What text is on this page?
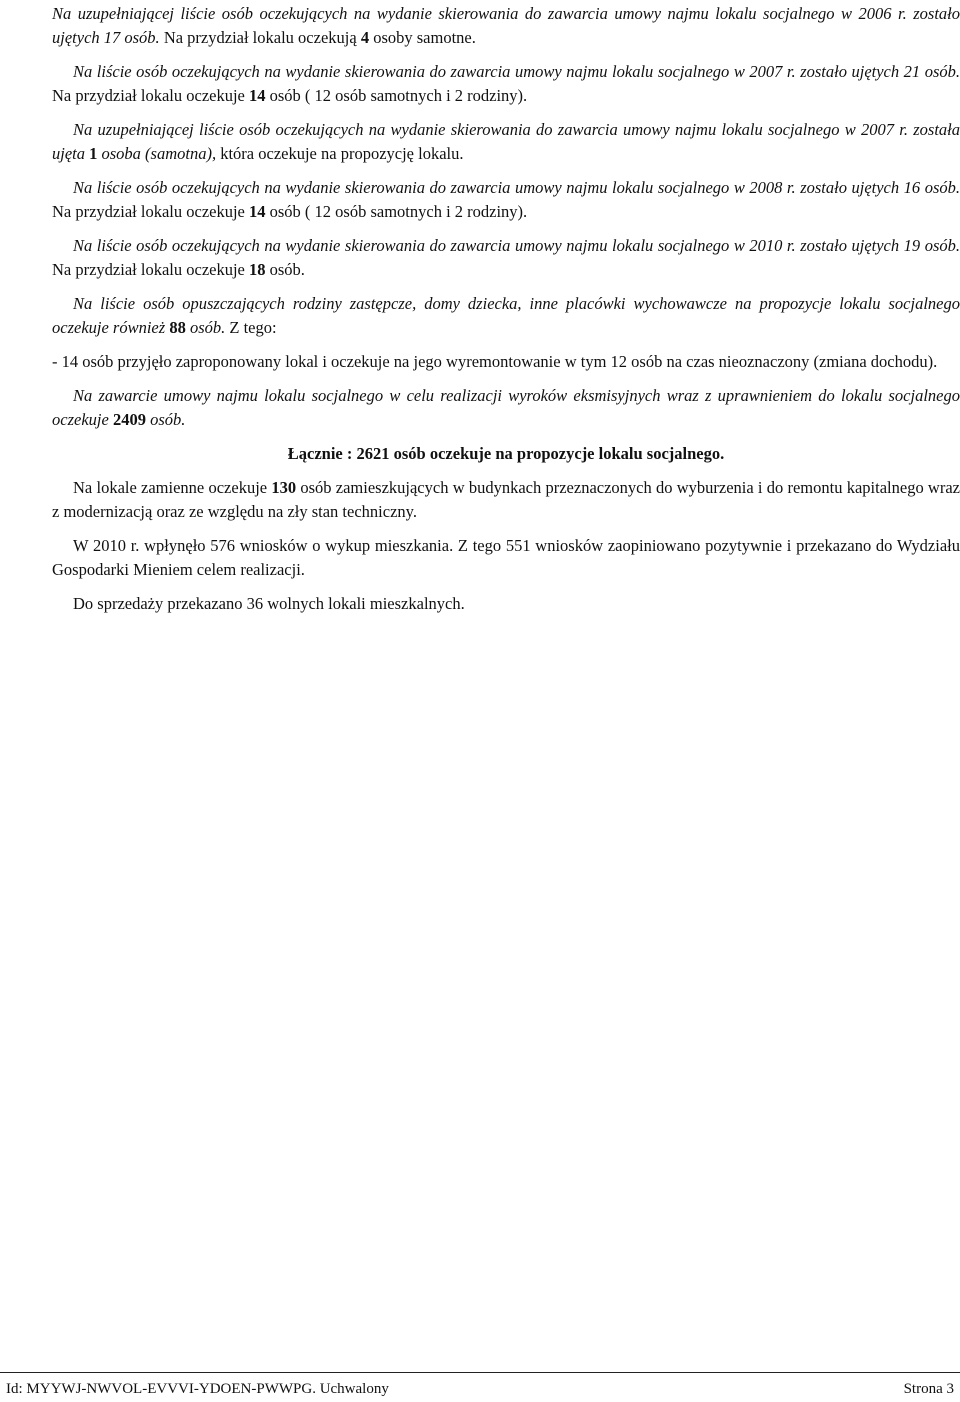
Na uzupełniającej liście osób oczekujących na wydanie skierowania do zawarcia umowy najmu lokalu socjalnego w 2006 r. zostało ujętych 17 osób. Na przydział lokalu oczekują 4 osoby samotne.

Na liście osób oczekujących na wydanie skierowania do zawarcia umowy najmu lokalu socjalnego w 2007 r. zostało ujętych 21 osób. Na przydział lokalu oczekuje 14 osób ( 12 osób samotnych i 2 rodziny).

Na uzupełniającej liście osób oczekujących na wydanie skierowania do zawarcia umowy najmu lokalu socjalnego w 2007 r. została ujęta 1 osoba (samotna), która oczekuje na propozycję lokalu.

Na liście osób oczekujących na wydanie skierowania do zawarcia umowy najmu lokalu socjalnego w 2008 r. zostało ujętych 16 osób. Na przydział lokalu oczekuje 14 osób ( 12 osób samotnych i 2 rodziny).

Na liście osób oczekujących na wydanie skierowania do zawarcia umowy najmu lokalu socjalnego w 2010 r. zostało ujętych 19 osób. Na przydział lokalu oczekuje 18 osób.

Na liście osób opuszczających rodziny zastępcze, domy dziecka, inne placówki wychowawcze na propozycje lokalu socjalnego oczekuje również 88 osób. Z tego:

- 14 osób przyjęło zaproponowany lokal i oczekuje na jego wyremontowanie w tym 12 osób na czas nieoznaczony (zmiana dochodu).

Na zawarcie umowy najmu lokalu socjalnego w celu realizacji wyroków eksmisyjnych wraz z uprawnieniem do lokalu socjalnego oczekuje 2409 osób.

Łącznie : 2621 osób oczekuje na propozycje lokalu socjalnego.

Na lokale zamienne oczekuje 130 osób zamieszkujących w budynkach przeznaczonych do wyburzenia i do remontu kapitalnego wraz z modernizacją oraz ze względu na zły stan techniczny.

W 2010 r. wpłynęło 576 wniosków o wykup mieszkania. Z tego 551 wniosków zaopiniowano pozytywnie i przekazano do Wydziału Gospodarki Mieniem celem realizacji.

Do sprzedaży przekazano 36 wolnych lokali mieszkalnych.

Id: MYYWJ-NWVOL-EVVVI-YDOEN-PWWPG. Uchwalony	Strona 3
